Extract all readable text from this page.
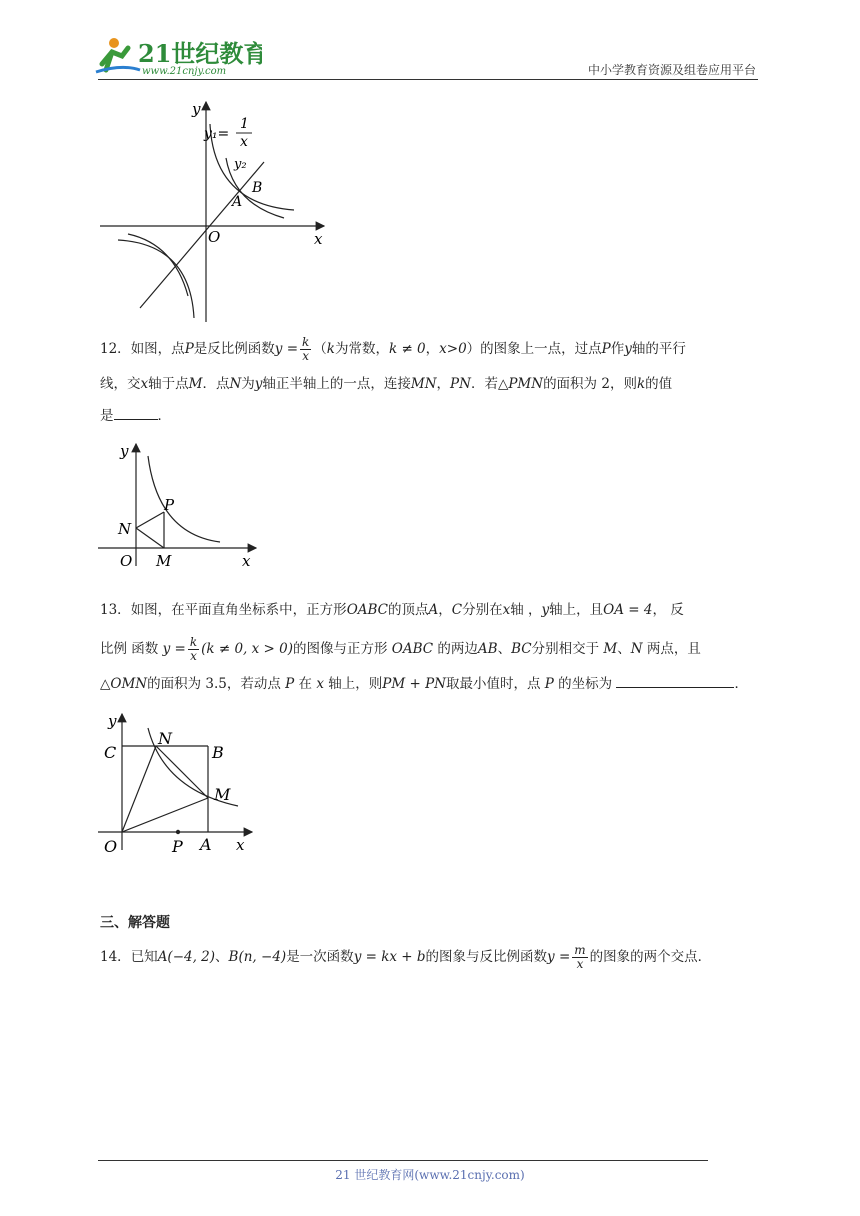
21世纪教育
www.21cnjy.com	中小学教育资源及组卷应用平台
y
x
O
y₁=
1
x
y₂
B
A
12．如图，点P是反比例函数$y = \frac{k}{x} (k$为常数，k ≠ 0，x>0）的图象上一点，过点P作y轴的平行
线，交x轴于点M．点N为y轴正半轴上的一点，连接MN，PN．若△PMN的面积为 2，则k的值
是	．
y
x
O M
N
P
13．如图，在平面直角坐标系中，正方形OABC的顶点A，C分别在x轴 ，y轴上，且OA = 4， 反
比例 函数 $y = \frac{k}{x} (k \ne 0$, x > 0)的图像与正方形 OABC 的两边AB、BC分别相交于 M、N 两点，且
△OMN的面积为 3.5，若动点 P 在 x 轴上，则PM + PN取最小值时，点 P 的坐标为	．
y
x
O	P A
C
N
B
M
三、解答题
14．已知A(−4, 2)、B(n, −4)是一次函数y = kx + b的图象与反比例函数$y = \frac{m}{x}$ 的图象的两个交点．
21 世纪教育网(www.21cnjy.com)
